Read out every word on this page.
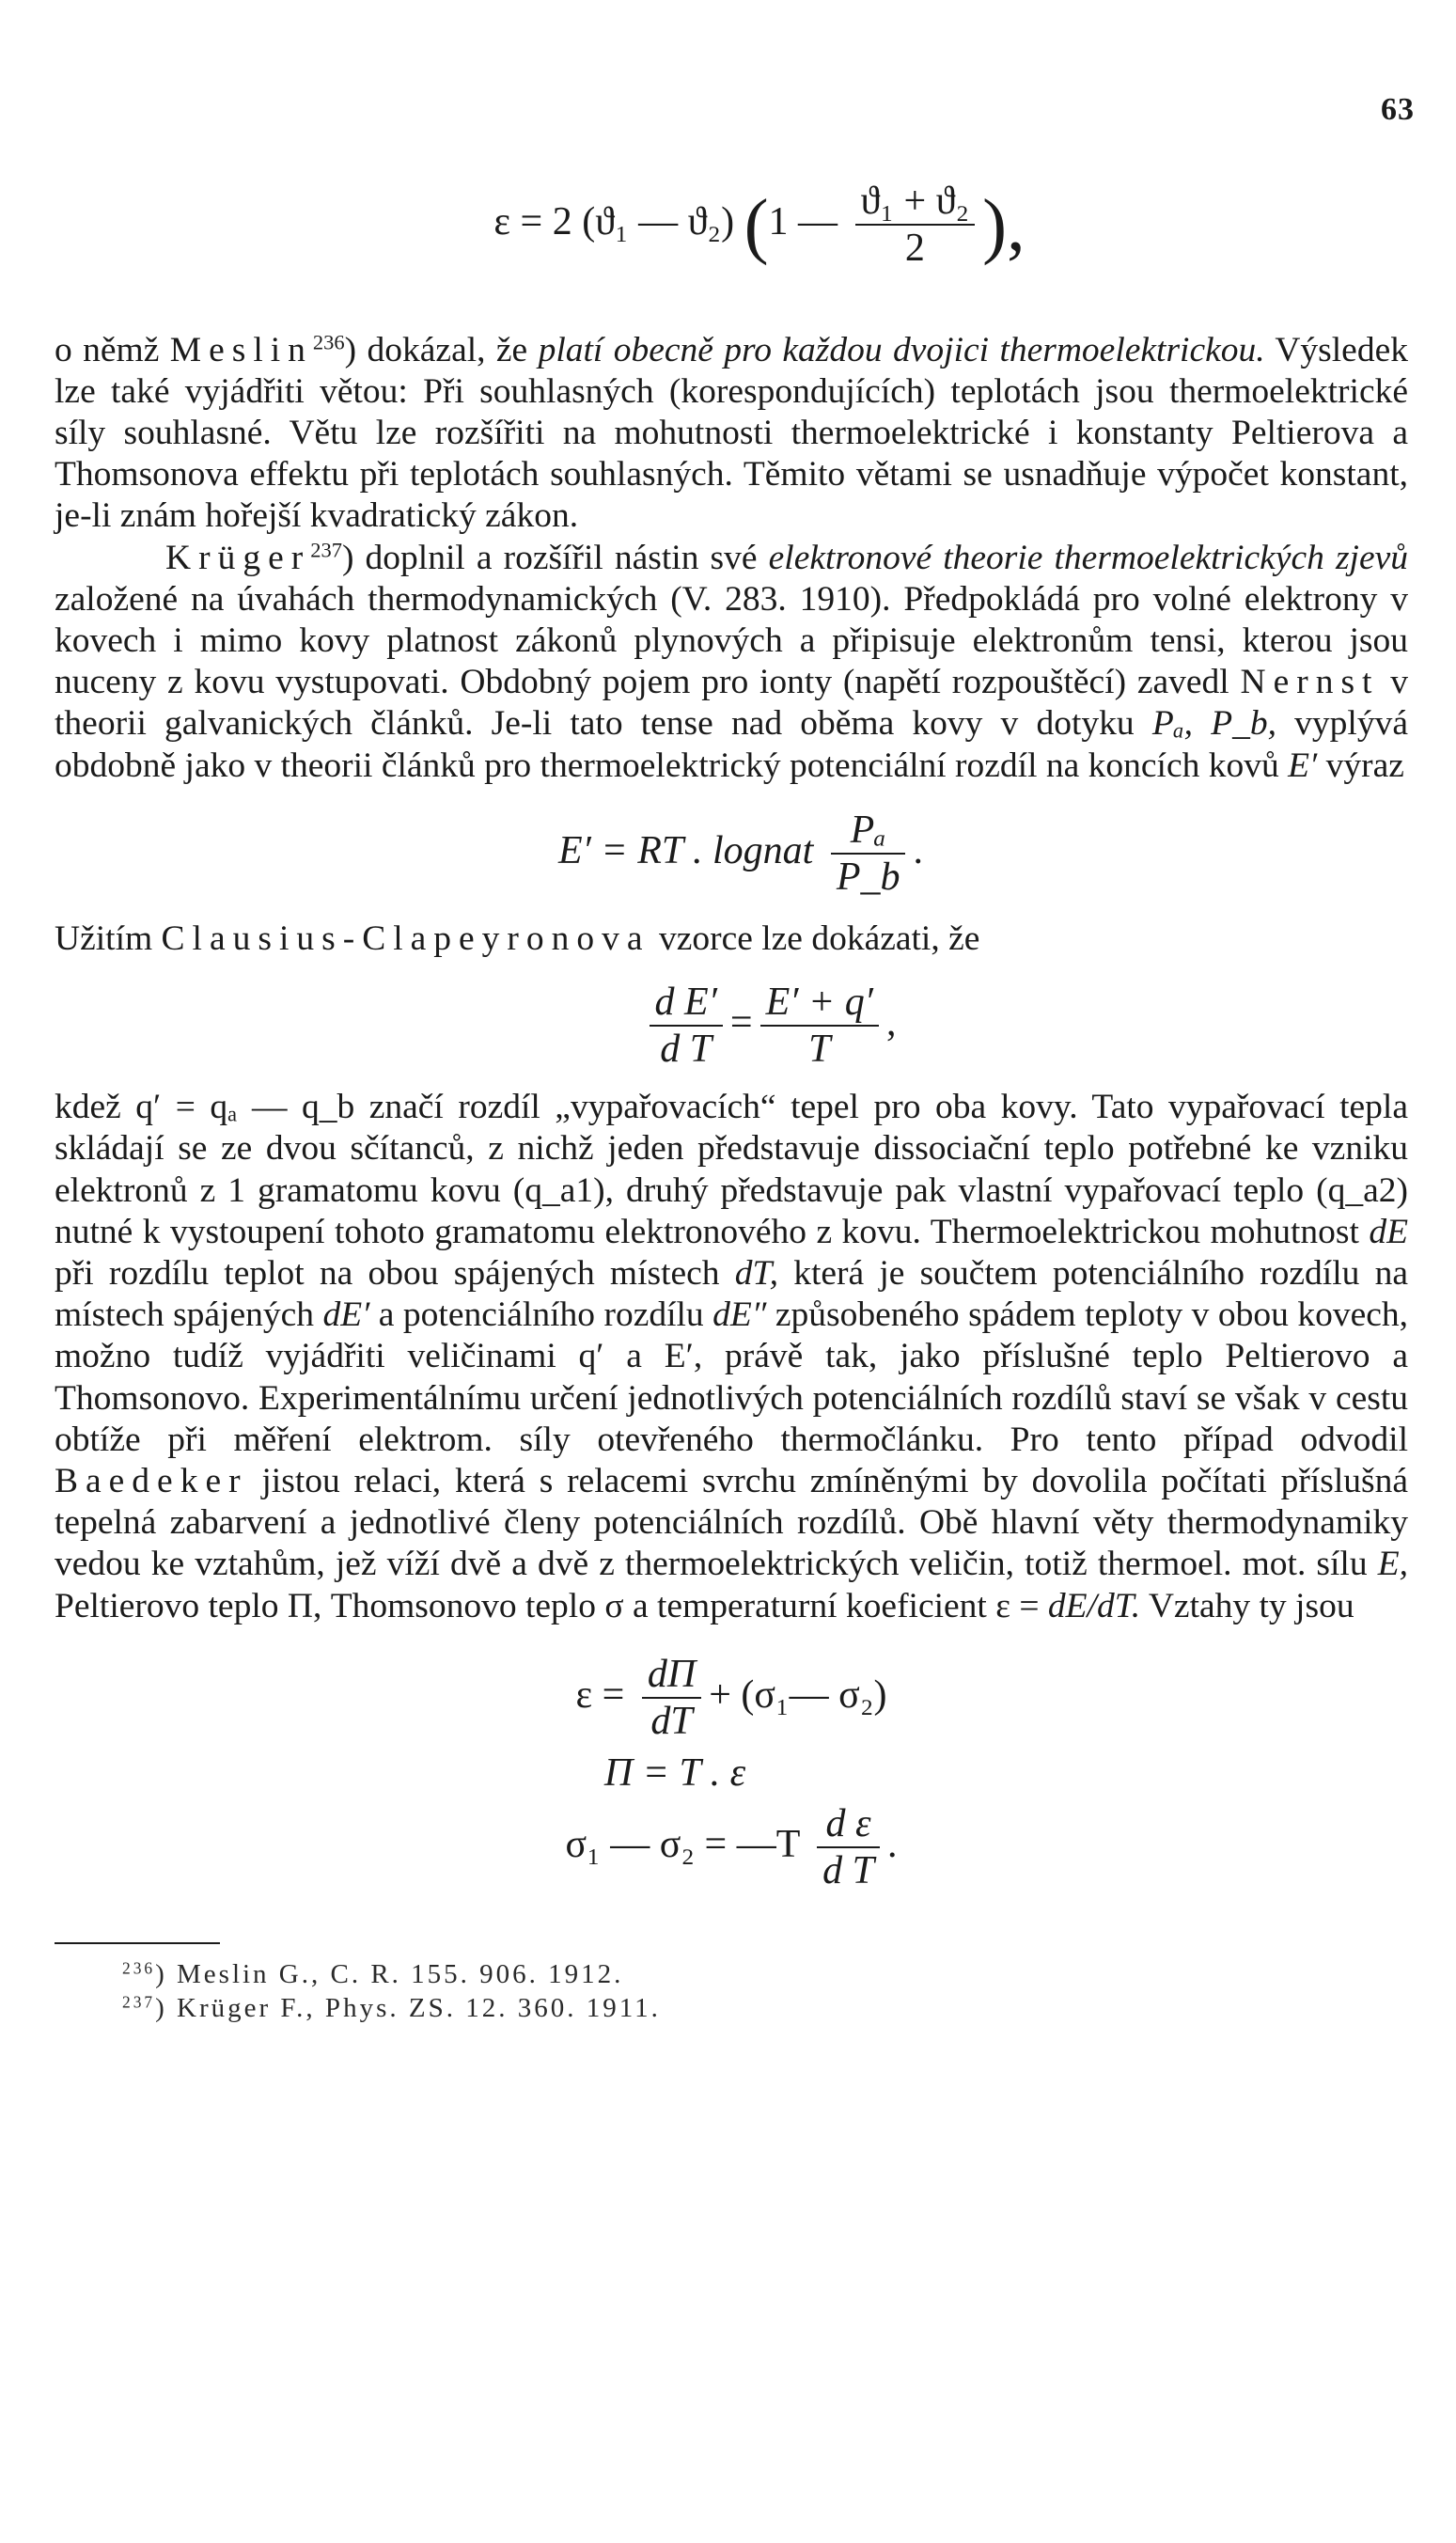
63
ε = 2 (ϑ₁ — ϑ₂) (1 — $\frac{\text{ϑ₁ + ϑ₂}}{2}$ ),

o němž Meslin$^{236}$) dokázal, že platí obecně pro každou dvojici thermoelektrickou. Výsledek lze také vyjádřiti větou: Při souhlasných (korespondujících) teplotách jsou thermoelektrické síly souhlasné. Větu lze rozšířiti na mohutnosti thermoelektrické i konstanty Peltierova a Thomsonova effektu při teplotách souhlasných. Těmito větami se usnadňuje výpočet konstant, je-li znám hořejší kvadratický zákon.

Krüger$^{237}$) doplnil a rozšířil nástin své elektronové theorie thermoelektrických zjevů založené na úvahách thermodynamických (V. 283. 1910). Předpokládá pro volné elektrony v kovech i mimo kovy platnost zákonů plynových a připisuje elektronům tensi, kterou jsou nuceny z kovu vystupovati. Obdobný pojem pro ionty (napětí rozpouštěcí) zavedl Nernst v theorii galvanických článků. Je-li tato tense nad oběma kovy v dotyku Pₐ, P_b, vyplývá obdobně jako v theorii článků pro thermoelektrický potenciální rozdíl na koncích kovů E′ výraz

E′ = RT . lognat $\frac{\text{Pₐ}}{P\_b}$ .

Užitím Clausius-Clapeyronova vzorce lze dokázati, že

$\frac{\text{d E′}}{\text{d T}} = \frac{E' + q'}{T}$ ,

kdež q′ = qₐ — q_b značí rozdíl „vypařovacích“ tepel pro oba kovy. Tato vypařovací tepla skládají se ze dvou sčítanců, z nichž jeden představuje dissociační teplo potřebné ke vzniku elektronů z 1 gramatomu kovu (q_a1), druhý představuje pak vlastní vypařovací teplo (q_a2) nutné k vystoupení tohoto gramatomu elektronového z kovu. Thermoelektrickou mohutnost dE při rozdílu teplot na obou spájených místech dT, která je součtem potenciálního rozdílu na místech spájených dE′ a potenciálního rozdílu dE″ způsobeného spádem teploty v obou kovech, možno tudíž vyjádřiti veličinami q′ a E′, právě tak, jako příslušné teplo Peltierovo a Thomsonovo. Experimentálnímu určení jednotlivých potenciálních rozdílů staví se však v cestu obtíže při měření elektrom. síly otevřeného thermočlánku. Pro tento případ odvodil Baedeker jistou relaci, která s relacemi svrchu zmíněnými by dovolila počítati příslušná tepelná zabarvení a jednotlivé členy potenciálních rozdílů. Obě hlavní věty thermodynamiky vedou ke vztahům, jež víží dvě a dvě z thermoelektrických veličin, totiž thermoel. mot. sílu E, Peltierovo teplo Π, Thomsonovo teplo σ a temperaturní koeficient ε = dE/dT. Vztahy ty jsou

$\varepsilon = \frac{d\Pi}{dT}$ + (σ₁— σ₂)
Π = T . ε
σ₁ — σ₂ = —T $\frac{\text{d ε}}{\text{d T}}$ .
$^{236}$) Meslin G., C. R. 155. 906. 1912.
$^{237}$) Krüger F., Phys. ZS. 12. 360. 1911.
